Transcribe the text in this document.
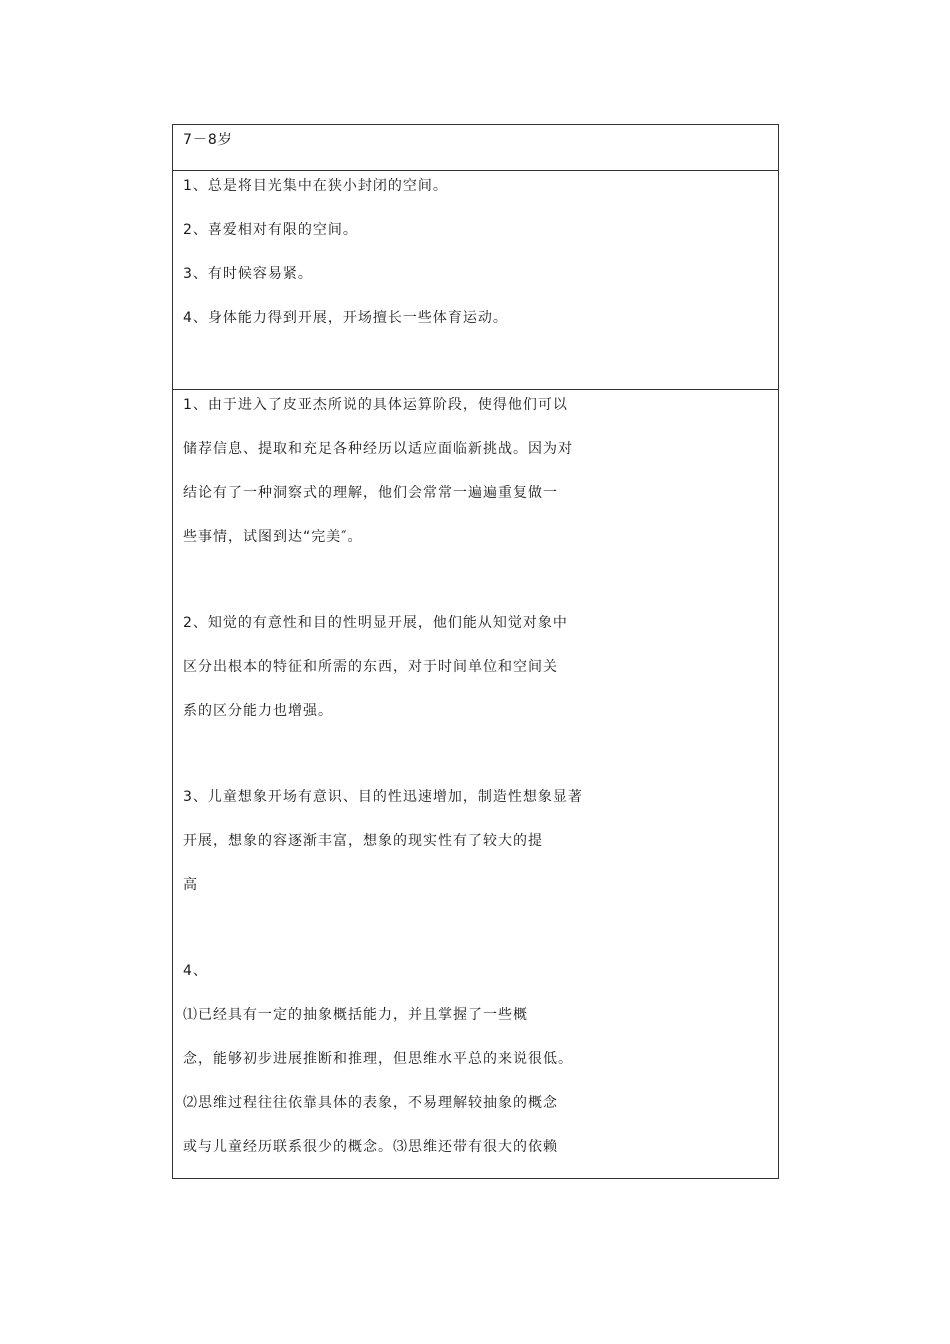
7－8岁
1、总是将目光集中在狭小封闭的空间。
2、喜爱相对有限的空间。
3、有时候容易紧。
4、身体能力得到开展，开场擅长一些体育运动。
1、由于进入了皮亚杰所说的具体运算阶段，使得他们可以
储荐信息、提取和充足各种经历以适应面临新挑战。因为对
结论有了一种洞察式的理解，他们会常常一遍遍重复做一
些事情，试图到达“完美″。
2、知觉的有意性和目的性明显开展，他们能从知觉对象中
区分出根本的特征和所需的东西，对于时间单位和空间关
系的区分能力也增强。
3、儿童想象开场有意识、目的性迅速增加，制造性想象显著
开展，想象的容逐渐丰富，想象的现实性有了较大的提
高
4、
⑴已经具有一定的抽象概括能力，并且掌握了一些概
念，能够初步进展推断和推理，但思维水平总的来说很低。
⑵思维过程往往依靠具体的表象，不易理解较抽象的概念
或与儿童经历联系很少的概念。⑶思维还带有很大的依赖
